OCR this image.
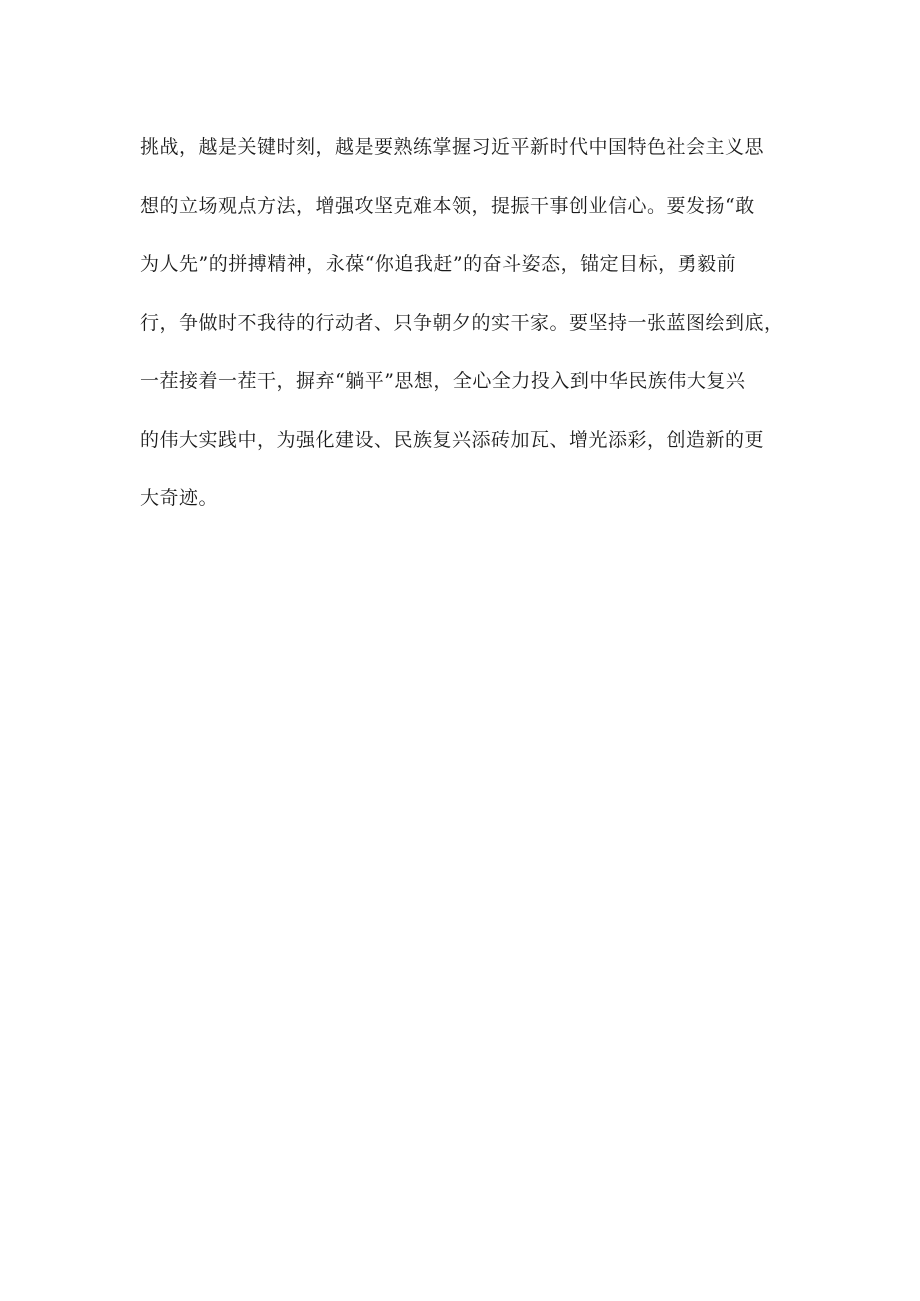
挑战，越是关键时刻，越是要熟练掌握习近平新时代中国特色社会主义思
想的立场观点方法，增强攻坚克难本领，提振干事创业信心。要发扬“敢
为人先”的拼搏精神，永葆“你追我赶”的奋斗姿态，锚定目标，勇毅前
行，争做时不我待的行动者、只争朝夕的实干家。要坚持一张蓝图绘到底，
一茬接着一茬干，摒弃“躺平”思想，全心全力投入到中华民族伟大复兴
的伟大实践中，为强化建设、民族复兴添砖加瓦、增光添彩，创造新的更
大奇迹。
